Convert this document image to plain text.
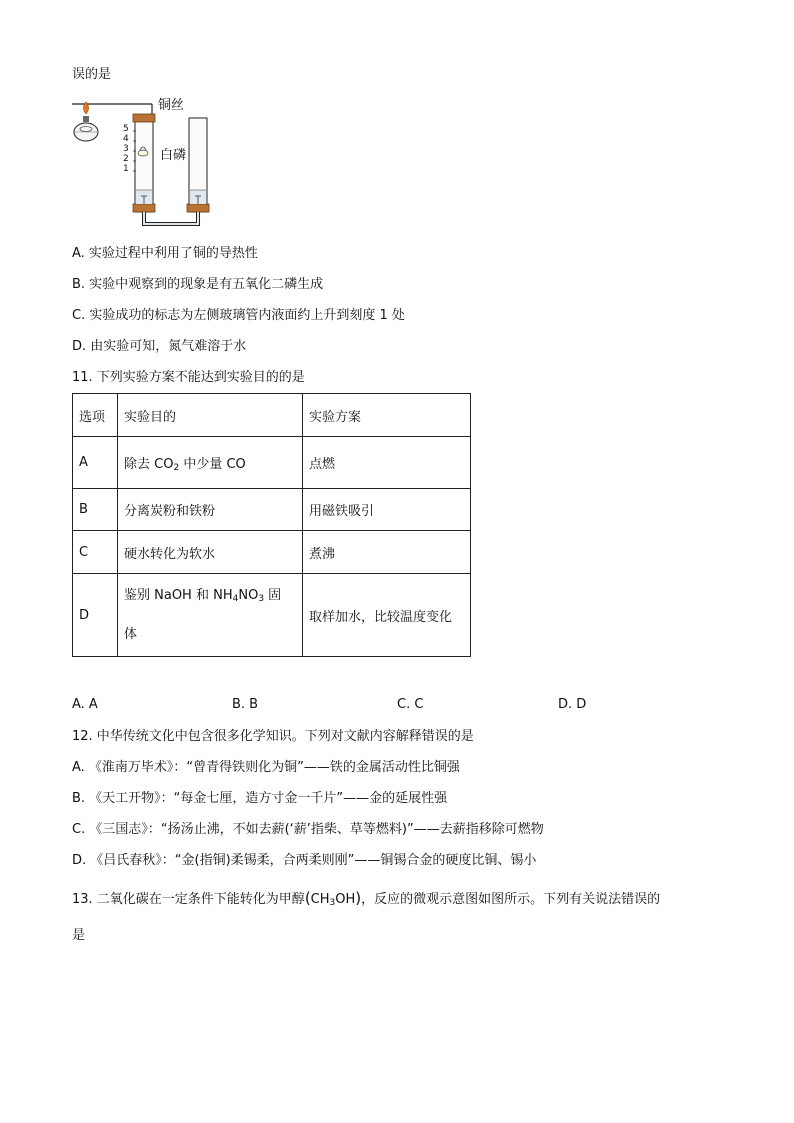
误的是
铜丝
白磷
5
4
3
2
1
A. 实验过程中利用了铜的导热性
B. 实验中观察到的现象是有五氧化二磷生成
C. 实验成功的标志为左侧玻璃管内液面约上升到刻度 1 处
D. 由实验可知，氮气难溶于水
11. 下列实验方案不能达到实验目的的是
选项	实验目的	实验方案
A	除去 $CO_2$ 中少量 CO	点燃
B	分离炭粉和铁粉	用磁铁吸引
C	硬水转化为软水	煮沸
D	鉴别 NaOH 和 $NH_4NO_3$ 固
体	取样加水，比较温度变化
A. A	B. B	C. C	D. D
12. 中华传统文化中包含很多化学知识。下列对文献内容解释错误的是
A. 《淮南万毕术》：“曾青得铁则化为铜”——铁的金属活动性比铜强
B. 《天工开物》：“每金七厘，造方寸金一千片”——金的延展性强
C. 《三国志》：“扬汤止沸，不如去薪(‘薪’指柴、草等燃料)”——去薪指移除可燃物
D. 《吕氏春秋》：“金(指铜)柔锡柔，合两柔则刚”——铜锡合金的硬度比铜、锡小
13. 二氧化碳在一定条件下能转化为甲醇$(CH_3OH)$，反应的微观示意图如图所示。下列有关说法错误的
是
